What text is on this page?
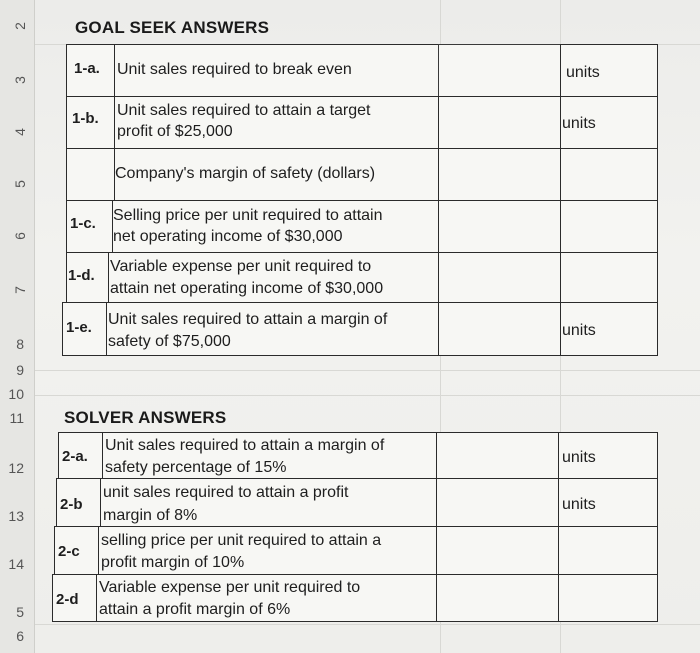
2
3
4
5
6
7
8
9
10
11
12
13
14
5
6
GOAL SEEK ANSWERS
1-a. Unit sales required to break even	units
1-b. Unit sales required to attain a target
profit of $25,000	units
Company's margin of safety (dollars)
1-c. Selling price per unit required to attain
net operating income of $30,000
1-d.
Variable expense per unit required to
attain net operating income of $30,000
1-e. Unit sales required to attain a margin of
safety of $75,000
units
SOLVER ANSWERS
2-a.
Unit sales required to attain a margin of
safety percentage of 15%
units
2-b
unit sales required to attain a profit
margin of 8%
units
2-c
selling price per unit required to attain a
profit margin of 10%
2-d
Variable expense per unit required to
attain a profit margin of 6%
